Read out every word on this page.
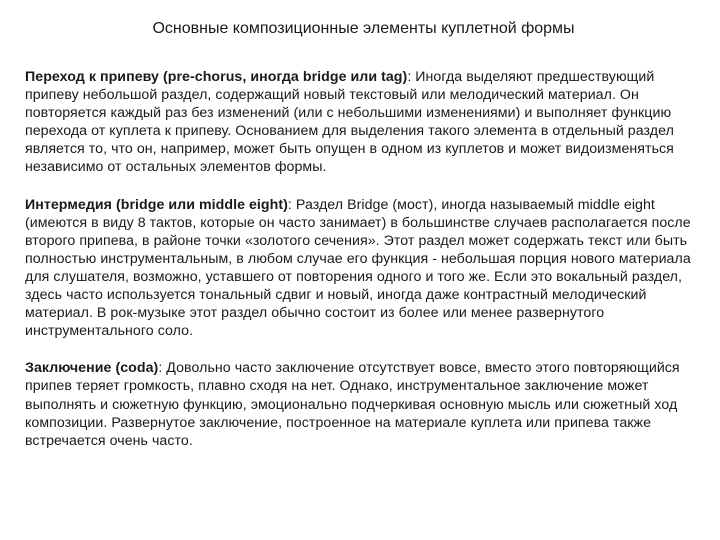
Основные композиционные элементы куплетной формы

Переход к припеву (pre-chorus, иногда bridge или tag): Иногда выделяют предшествующий припеву небольшой раздел, содержащий новый текстовый или мелодический материал. Он повторяется каждый раз без изменений (или с небольшими изменениями) и выполняет функцию перехода от куплета к припеву. Основанием для выделения такого элемента в отдельный раздел является то, что он, например, может быть опущен в одном из куплетов и может видоизменяться независимо от остальных элементов формы.

Интермедия (bridge или middle eight): Раздел Bridge (мост), иногда называемый middle eight (имеются в виду 8 тактов, которые он часто занимает) в большинстве случаев располагается после второго припева, в районе точки «золотого сечения». Этот раздел может содержать текст или быть полностью инструментальным, в любом случае его функция - небольшая порция нового материала для слушателя, возможно, уставшего от повторения одного и того же. Если это вокальный раздел, здесь часто используется тональный сдвиг и новый, иногда даже контрастный мелодический материал. В рок-музыке этот раздел обычно состоит из более или менее развернутого инструментального соло.

Заключение (coda): Довольно часто заключение отсутствует вовсе, вместо этого повторяющийся припев теряет громкость, плавно сходя на нет. Однако, инструментальное заключение может выполнять и сюжетную функцию, эмоционально подчеркивая основную мысль или сюжетный ход композиции. Развернутое заключение, построенное на материале куплета или припева также встречается очень часто.
